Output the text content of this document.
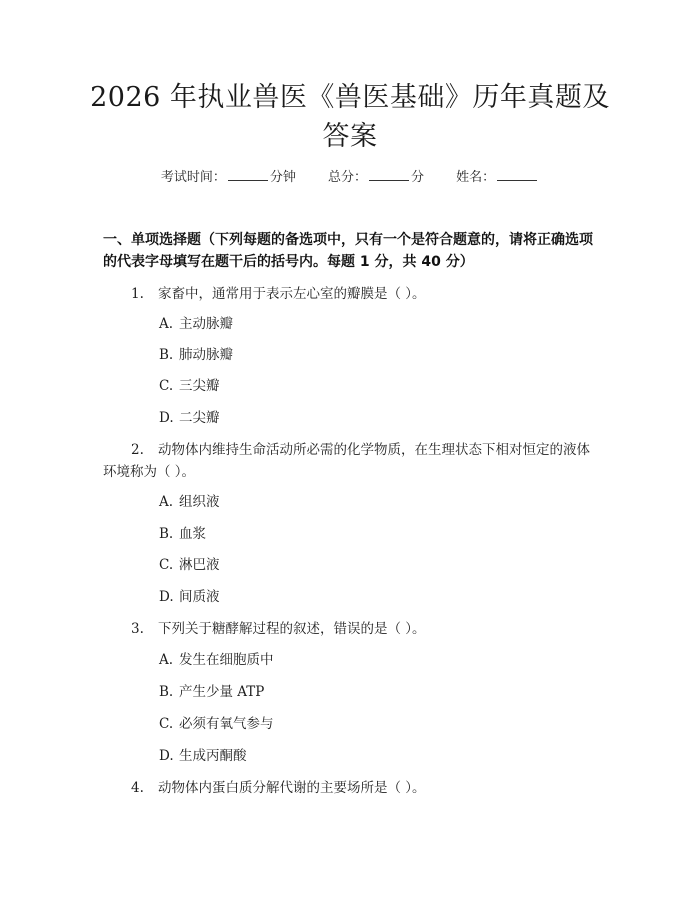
2026 年执业兽医《兽医基础》历年真题及答案
考试时间：	分钟 总分：	分 姓名：
一、单项选择题（下列每题的备选项中，只有一个是符合题意的，请将正确选项的代表字母填写在题干后的括号内。每题 1 分，共 40 分）
1. 家畜中，通常用于表示左心室的瓣膜是（ ）。
A. 主动脉瓣
B. 肺动脉瓣
C. 三尖瓣
D. 二尖瓣
2. 动物体内维持生命活动所必需的化学物质，在生理状态下相对恒定的液体
环境称为（ ）。
A. 组织液
B. 血浆
C. 淋巴液
D. 间质液
3. 下列关于糖酵解过程的叙述，错误的是（ ）。
A. 发生在细胞质中
B. 产生少量 ATP
C. 必须有氧气参与
D. 生成丙酮酸
4. 动物体内蛋白质分解代谢的主要场所是（ ）。
